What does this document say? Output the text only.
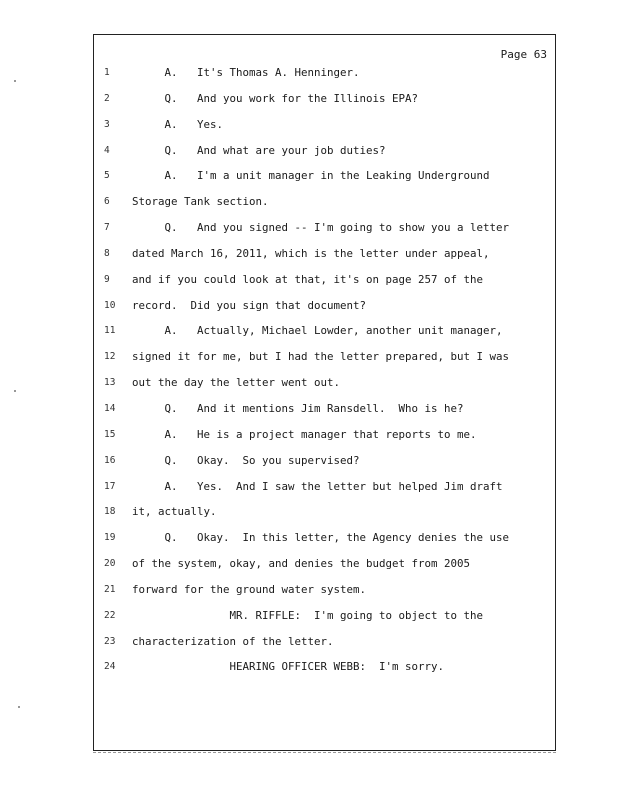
Page 63
1	A.   It's Thomas A. Henninger.
2	Q.   And you work for the Illinois EPA?
3	A.   Yes.
4	Q.   And what are your job duties?
5	A.   I'm a unit manager in the Leaking Underground
6	Storage Tank section.
7	Q.   And you signed -- I'm going to show you a letter
8	dated March 16, 2011, which is the letter under appeal,
9	and if you could look at that, it's on page 257 of the
10	record.  Did you sign that document?
11	A.   Actually, Michael Lowder, another unit manager,
12	signed it for me, but I had the letter prepared, but I was
13	out the day the letter went out.
14	Q.   And it mentions Jim Ransdell.  Who is he?
15	A.   He is a project manager that reports to me.
16	Q.   Okay.  So you supervised?
17	A.   Yes.  And I saw the letter but helped Jim draft
18	it, actually.
19	Q.   Okay.  In this letter, the Agency denies the use
20	of the system, okay, and denies the budget from 2005
21	forward for the ground water system.
22	MR. RIFFLE:  I'm going to object to the
23	characterization of the letter.
24	HEARING OFFICER WEBB:  I'm sorry.
